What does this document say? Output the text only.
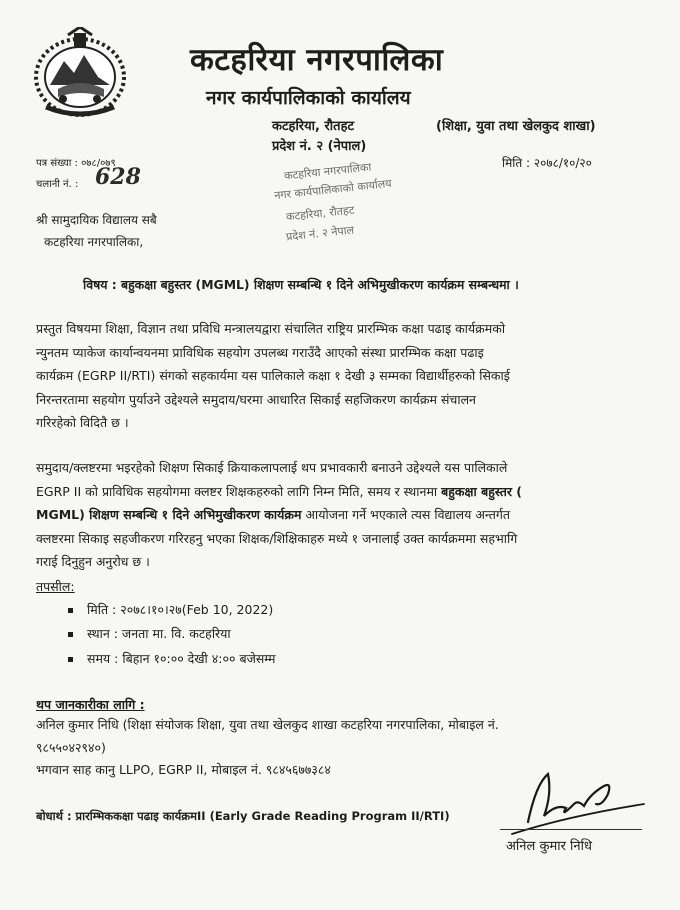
कटहरिया नगरपालिका
नगर कार्यपालिकाको कार्यालय
कटहरिया, रौतहट
प्रदेश नं. २ (नेपाल)
(शिक्षा, युवा तथा खेलकुद शाखा)
पत्र संख्या : ०७८/०७९
चलानी नं. : 628
मिति : २०७८/१०/२०
कटहरिया नगरपालिका
नगर कार्यपालिकाको कार्यालय
कटहरिया, रौतहट
प्रदेश नं. २ नेपाल
श्री सामुदायिक विद्यालय सबै
कटहरिया नगरपालिका,
विषय : बहुकक्षा बहुस्तर (MGML) शिक्षण सम्बन्धि १ दिने अभिमुखीकरण कार्यक्रम सम्बन्धमा ।
प्रस्तुत विषयमा शिक्षा, विज्ञान तथा प्रविधि मन्त्रालयद्वारा संचालित राष्ट्रिय प्रारम्भिक कक्षा पढाइ कार्यक्रमको
न्युनतम प्याकेज कार्यान्वयनमा प्राविधिक सहयोग उपलब्ध गराउँदै आएको संस्था प्रारम्भिक कक्षा पढाइ
कार्यक्रम (EGRP II/RTI) संगको सहकार्यमा यस पालिकाले कक्षा १ देखी ३ सम्मका विद्यार्थीहरुको सिकाई
निरन्तरतामा सहयोग पुर्याउने उद्देश्यले समुदाय/घरमा आधारित सिकाई सहजिकरण कार्यक्रम संचालन
गरिरहेको विदितै छ ।
समुदाय/क्लष्टरमा भइरहेको शिक्षण सिकाई क्रियाकलापलाई थप प्रभावकारी बनाउने उद्देश्यले यस पालिकाले
EGRP II को प्राविधिक सहयोगमा क्लष्टर शिक्षकहरुको लागि निम्न मिति, समय र स्थानमा बहुकक्षा बहुस्तर (
MGML) शिक्षण सम्बन्धि १ दिने अभिमुखीकरण कार्यक्रम आयोजना गर्ने भएकाले त्यस विद्यालय अन्तर्गत
क्लष्टरमा सिकाइ सहजीकरण गरिरहनु भएका शिक्षक/शिक्षिकाहरु मध्ये १ जनालाई उक्त कार्यक्रममा सहभागि
गराई दिनुहुन अनुरोध छ ।
तपसील:
मिति : २०७८।१०।२७(Feb 10, 2022)
स्थान : जनता मा. वि. कटहरिया
समय : बिहान १०:०० देखी ४:०० बजेसम्म
थप जानकारीका लागि :
अनिल कुमार निधि (शिक्षा संयोजक शिक्षा, युवा तथा खेलकुद शाखा कटहरिया नगरपालिका, मोबाइल नं.
९८५५०४२९४०)
भगवान साह कानु LLPO, EGRP II, मोबाइल नं. ९८४५६७७३८४
बोधार्थ : प्रारम्भिककक्षा पढाइ कार्यक्रमII (Early Grade Reading Program II/RTI)
अनिल कुमार निधि
